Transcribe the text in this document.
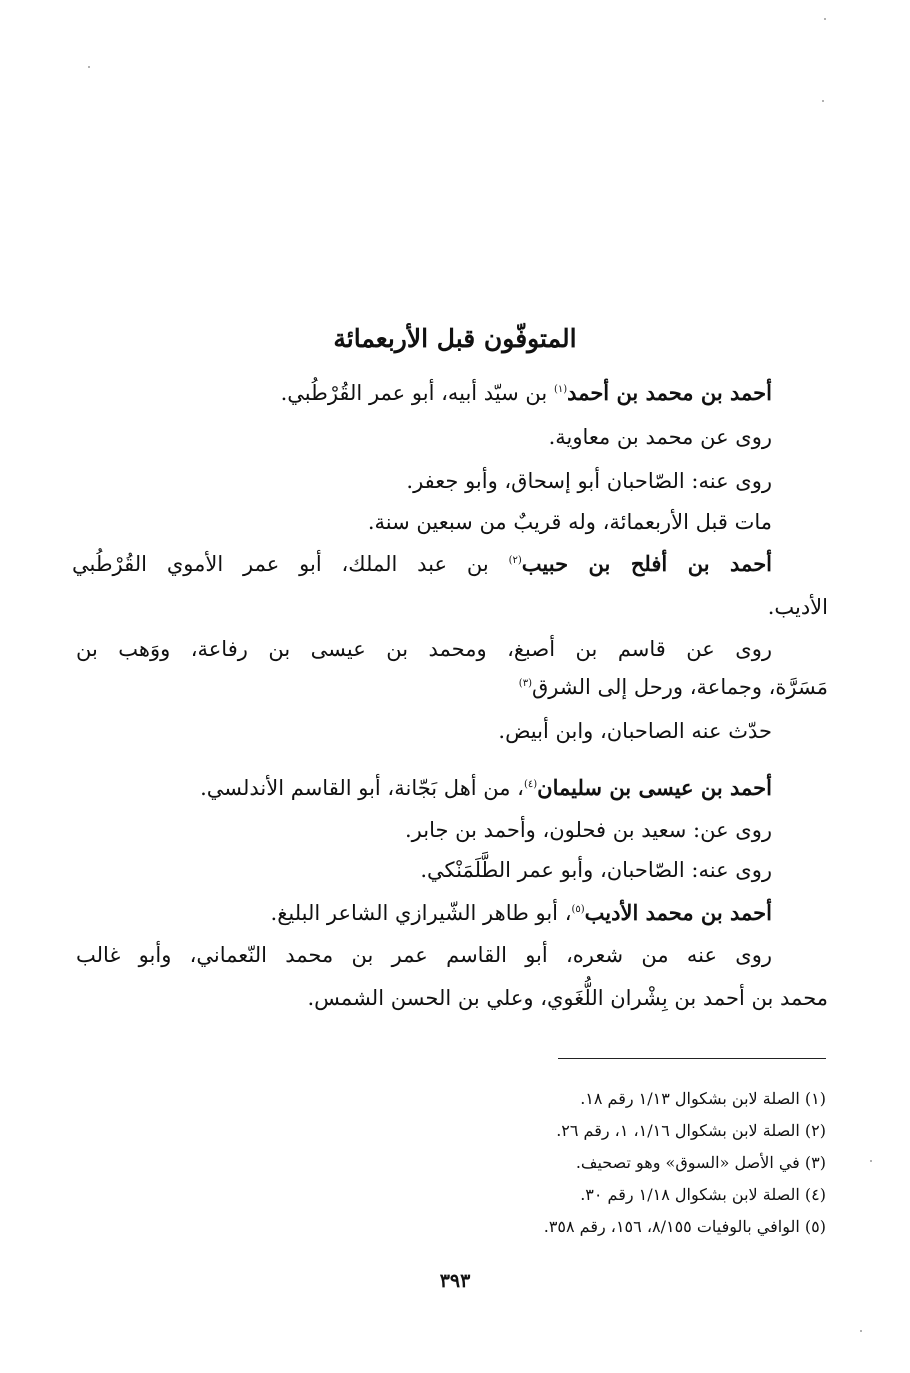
المتوفّون قبل الأربعمائة
أحمد بن محمد بن أحمد$^{(١)}$ بن سيّد أبيه، أبو عمر القُرْطُبي.
روى عن محمد بن معاوية.
روى عنه: الصّاحبان أبو إسحاق، وأبو جعفر.
مات قبل الأربعمائة، وله قريبٌ من سبعين سنة.
أحمد بن أفلح بن حبيب$^{(٢)}$ بن عبد الملك، أبو عمر الأموي القُرْطُبي
الأديب.
روى عن قاسم بن أصبغ، ومحمد بن عيسى بن رفاعة، ووَهب بن
مَسَرَّة، وجماعة، ورحل إلى الشرق$^{(٣)}$
حدّث عنه الصاحبان، وابن أبيض.
أحمد بن عيسى بن سليمان$^{(٤)}$، من أهل بَجّانة، أبو القاسم الأندلسي.
روى عن: سعيد بن فحلون، وأحمد بن جابر.
روى عنه: الصّاحبان، وأبو عمر الطَّلَمَنْكي.
أحمد بن محمد الأديب$^{(٥)}$، أبو طاهر الشّيرازي الشاعر البليغ.
روى عنه من شعره، أبو القاسم عمر بن محمد النّعماني، وأبو غالب
محمد بن أحمد بن بِشْران اللُّغَوي، وعلي بن الحسن الشمس.
(١) الصلة لابن بشكوال ١/١٣ رقم ١٨.
(٢) الصلة لابن بشكوال ١/١٦، ١، رقم ٢٦.
(٣) في الأصل «السوق» وهو تصحيف.
(٤) الصلة لابن بشكوال ١/١٨ رقم ٣٠.
(٥) الوافي بالوفيات ٨/١٥٥، ١٥٦، رقم ٣٥٨.
٣٩٣
